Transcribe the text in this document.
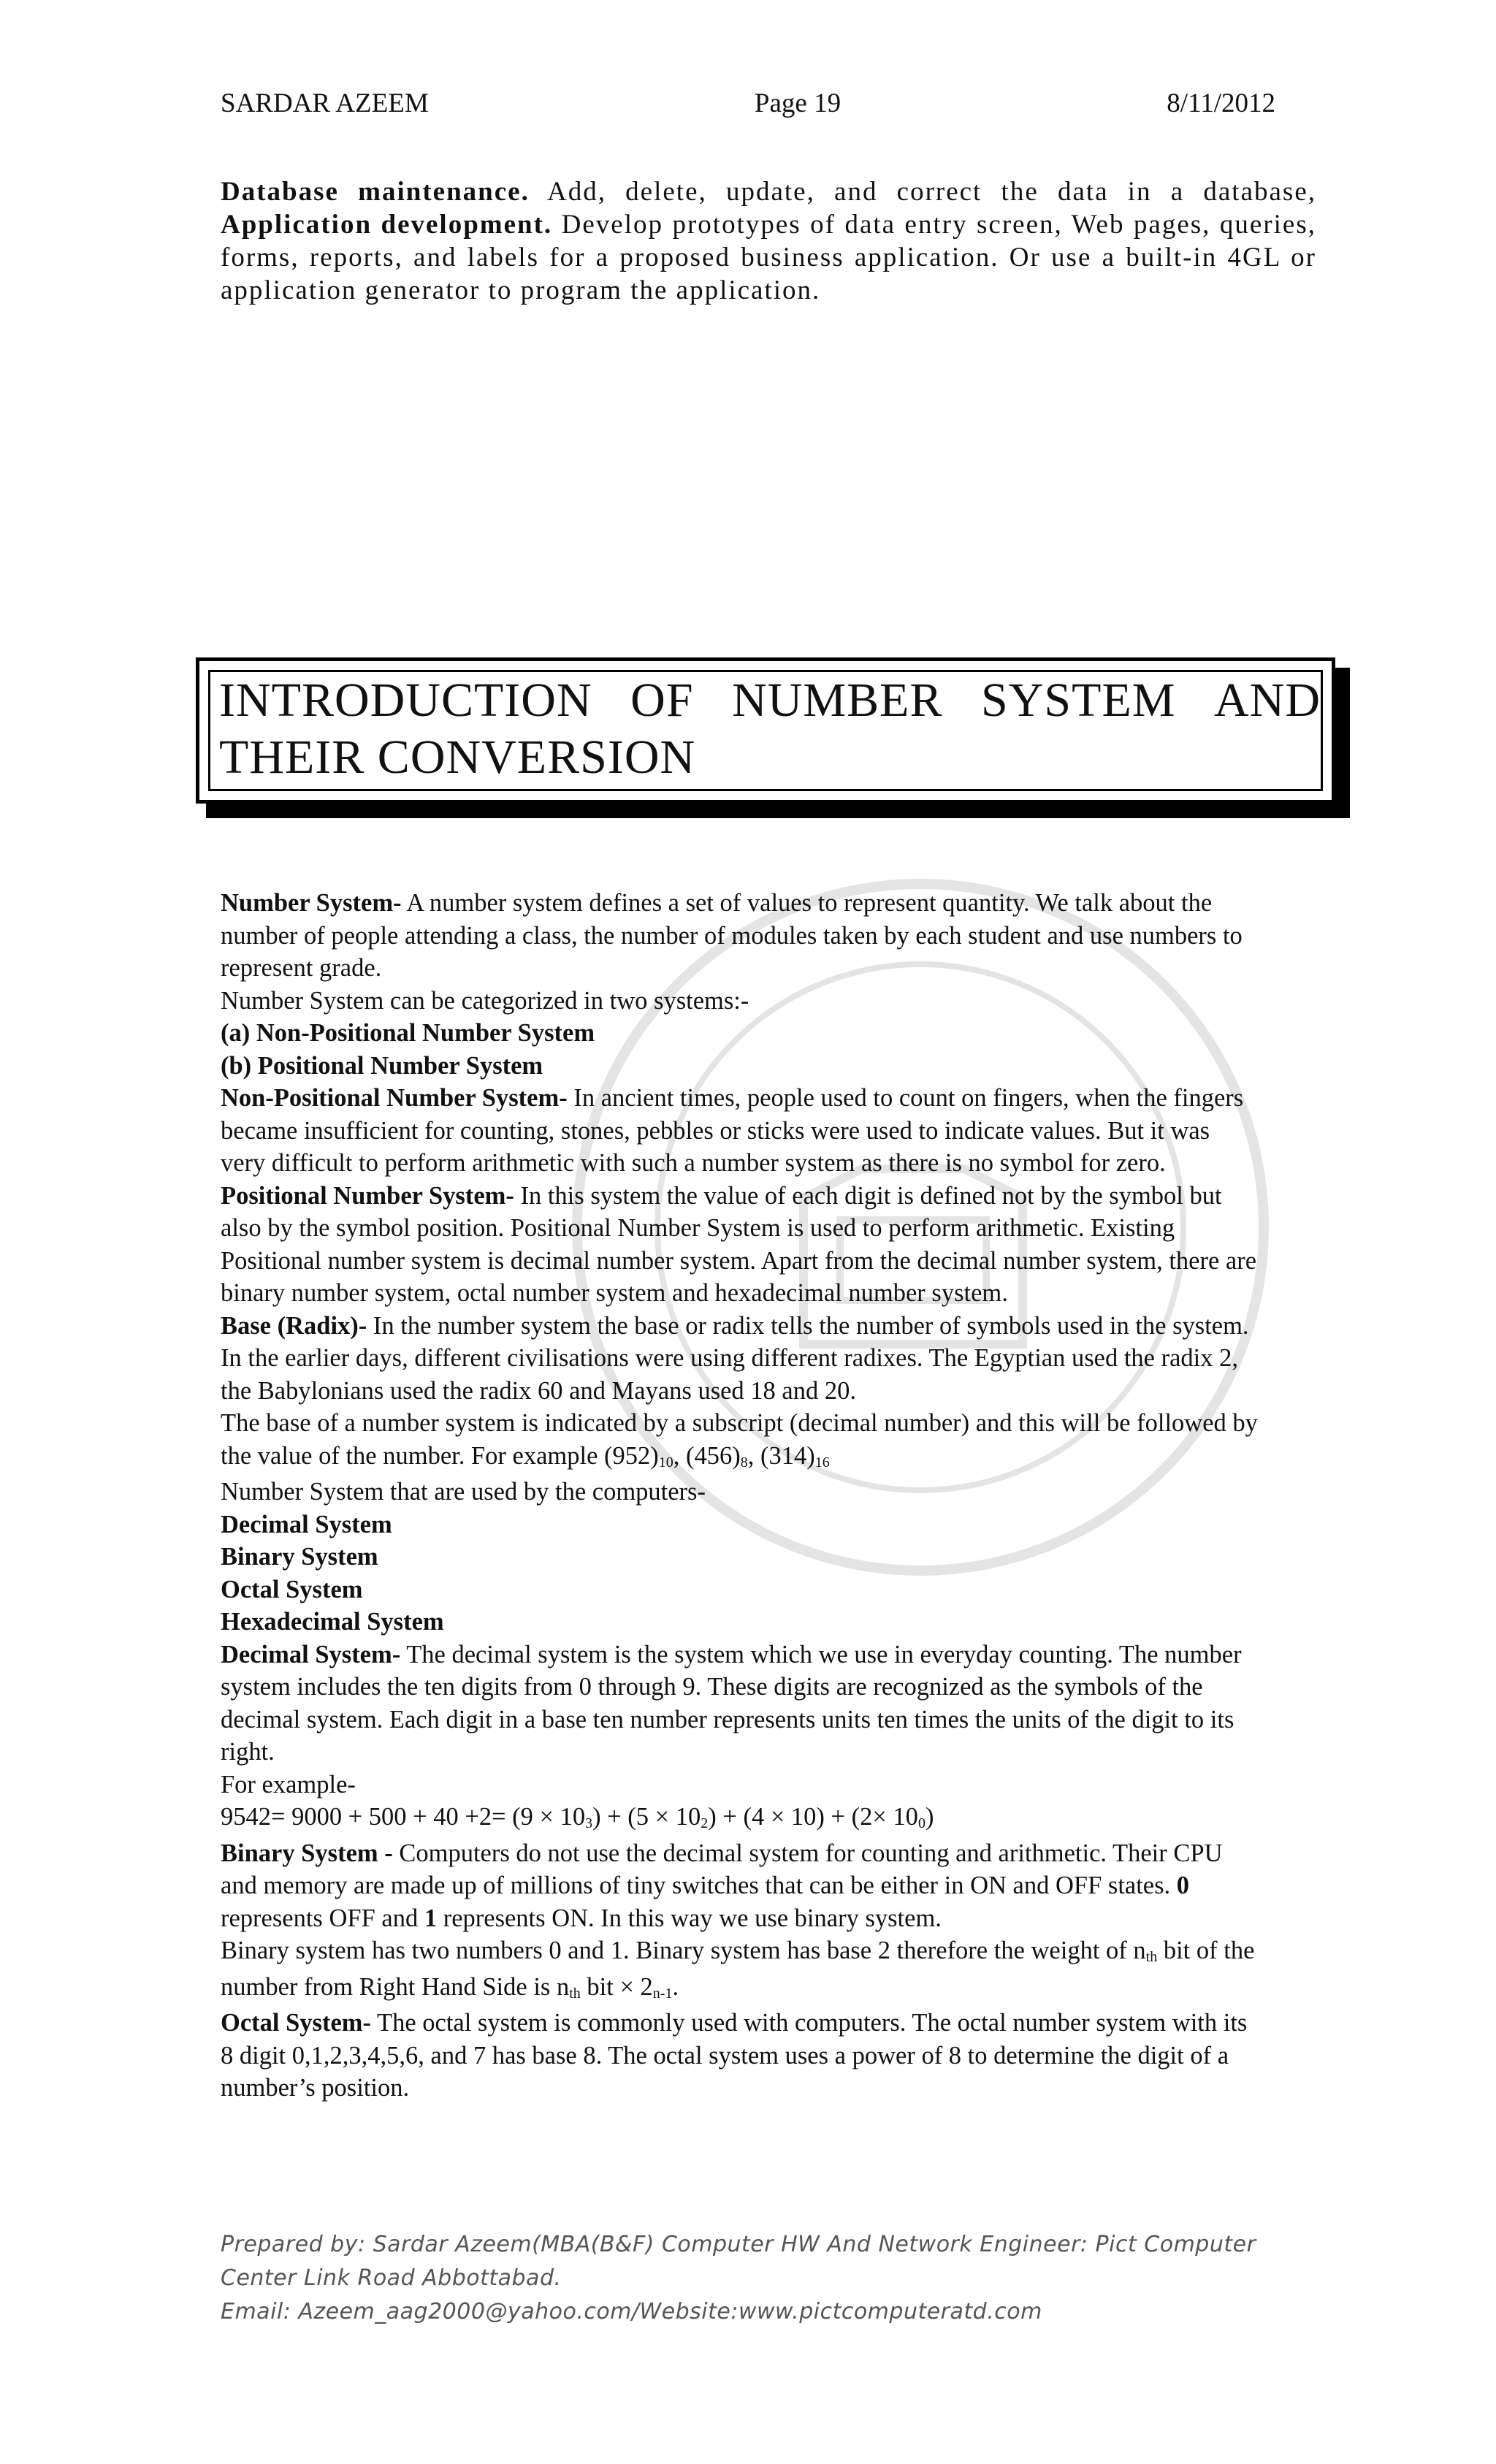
SARDAR AZEEM	Page 19	8/11/2012
Database maintenance. Add, delete, update, and correct the data in a database, Application development. Develop prototypes of data entry screen, Web pages, queries, forms, reports, and labels for a proposed business application. Or use a built-in 4GL or application generator to program the application.
INTRODUCTION OF NUMBER SYSTEM AND
THEIR CONVERSION

Number System- A number system defines a set of values to represent quantity. We talk about the number of people attending a class, the number of modules taken by each student and use numbers to represent grade.

Number System can be categorized in two systems:-

(a) Non-Positional Number System

(b) Positional Number System

Non-Positional Number System- In ancient times, people used to count on fingers, when the fingers became insufficient for counting, stones, pebbles or sticks were used to indicate values. But it was very difficult to perform arithmetic with such a number system as there is no symbol for zero.

Positional Number System- In this system the value of each digit is defined not by the symbol but also by the symbol position. Positional Number System is used to perform arithmetic. Existing Positional number system is decimal number system. Apart from the decimal number system, there are binary number system, octal number system and hexadecimal number system.

Base (Radix)- In the number system the base or radix tells the number of symbols used in the system. In the earlier days, different civilisations were using different radixes. The Egyptian used the radix 2, the Babylonians used the radix 60 and Mayans used 18 and 20.

The base of a number system is indicated by a subscript (decimal number) and this will be followed by the value of the number. For example $(952)_{10}$, $(456)_8$, $(314)_{16}$

Number System that are used by the computers-

Decimal System

Binary System

Octal System

Hexadecimal System

Decimal System- The decimal system is the system which we use in everyday counting. The number system includes the ten digits from 0 through 9. These digits are recognized as the symbols of the decimal system. Each digit in a base ten number represents units ten times the units of the digit to its right.

For example-

$9542= 9000 + 500 + 40 +2= (9 \times 10_3) + (5 \times 10_2) + (4 \times 10) + (2\times 10_0)$

Binary System - Computers do not use the decimal system for counting and arithmetic. Their CPU and memory are made up of millions of tiny switches that can be either in ON and OFF states. 0 represents OFF and 1 represents ON. In this way we use binary system.

Binary system has two numbers 0 and 1. Binary system has base 2 therefore the weight of $n_{th}$ bit of the number from Right Hand Side is $n_{th}$ bit × $2_{n-1}$.

Octal System- The octal system is commonly used with computers. The octal number system with its 8 digit 0,1,2,3,4,5,6, and 7 has base 8. The octal system uses a power of 8 to determine the digit of a number’s position.

Prepared by: Sardar Azeem(MBA(B&F) Computer HW And Network Engineer: Pict Computer
Center Link Road Abbottabad.
Email: Azeem_aag2000@yahoo.com/Website:www.pictcomputeratd.com
